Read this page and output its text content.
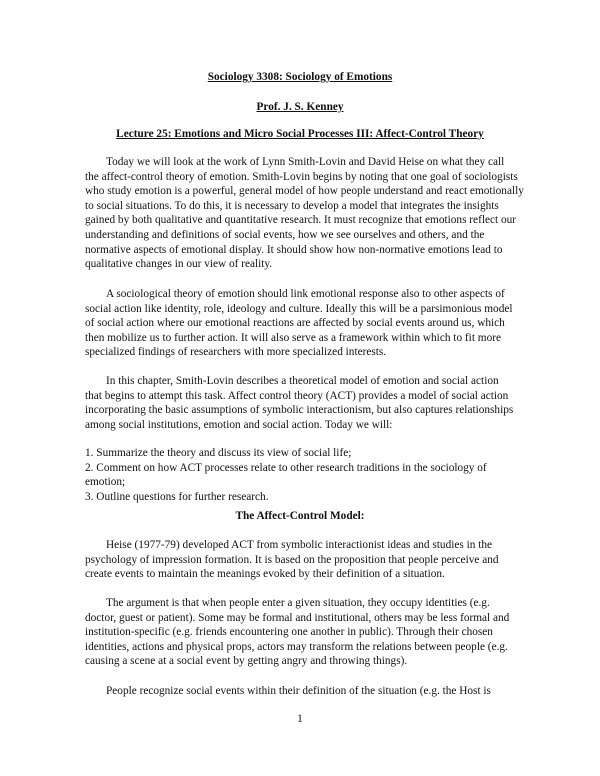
Sociology 3308: Sociology of Emotions
Prof. J. S. Kenney
Lecture 25: Emotions and Micro Social Processes III: Affect-Control Theory
Today we will look at the work of Lynn Smith-Lovin and David Heise on what they call
the affect-control theory of emotion. Smith-Lovin begins by noting that one goal of sociologists
who study emotion is a powerful, general model of how people understand and react emotionally
to social situations. To do this, it is necessary to develop a model that integrates the insights
gained by both qualitative and quantitative research. It must recognize that emotions reflect our
understanding and definitions of social events, how we see ourselves and others, and the
normative aspects of emotional display. It should show how non-normative emotions lead to
qualitative changes in our view of reality.
A sociological theory of emotion should link emotional response also to other aspects of
social action like identity, role, ideology and culture. Ideally this will be a parsimonious model
of social action where our emotional reactions are affected by social events around us, which
then mobilize us to further action. It will also serve as a framework within which to fit more
specialized findings of researchers with more specialized interests.
In this chapter, Smith-Lovin describes a theoretical model of emotion and social action
that begins to attempt this task. Affect control theory (ACT) provides a model of social action
incorporating the basic assumptions of symbolic interactionism, but also captures relationships
among social institutions, emotion and social action. Today we will:
1. Summarize the theory and discuss its view of social life;
2. Comment on how ACT processes relate to other research traditions in the sociology of
emotion;
3. Outline questions for further research.
The Affect-Control Model:
Heise (1977-79) developed ACT from symbolic interactionist ideas and studies in the
psychology of impression formation. It is based on the proposition that people perceive and
create events to maintain the meanings evoked by their definition of a situation.
The argument is that when people enter a given situation, they occupy identities (e.g.
doctor, guest or patient). Some may be formal and institutional, others may be less formal and
institution-specific (e.g. friends encountering one another in public). Through their chosen
identities, actions and physical props, actors may transform the relations between people (e.g.
causing a scene at a social event by getting angry and throwing things).
People recognize social events within their definition of the situation (e.g. the Host is
1
